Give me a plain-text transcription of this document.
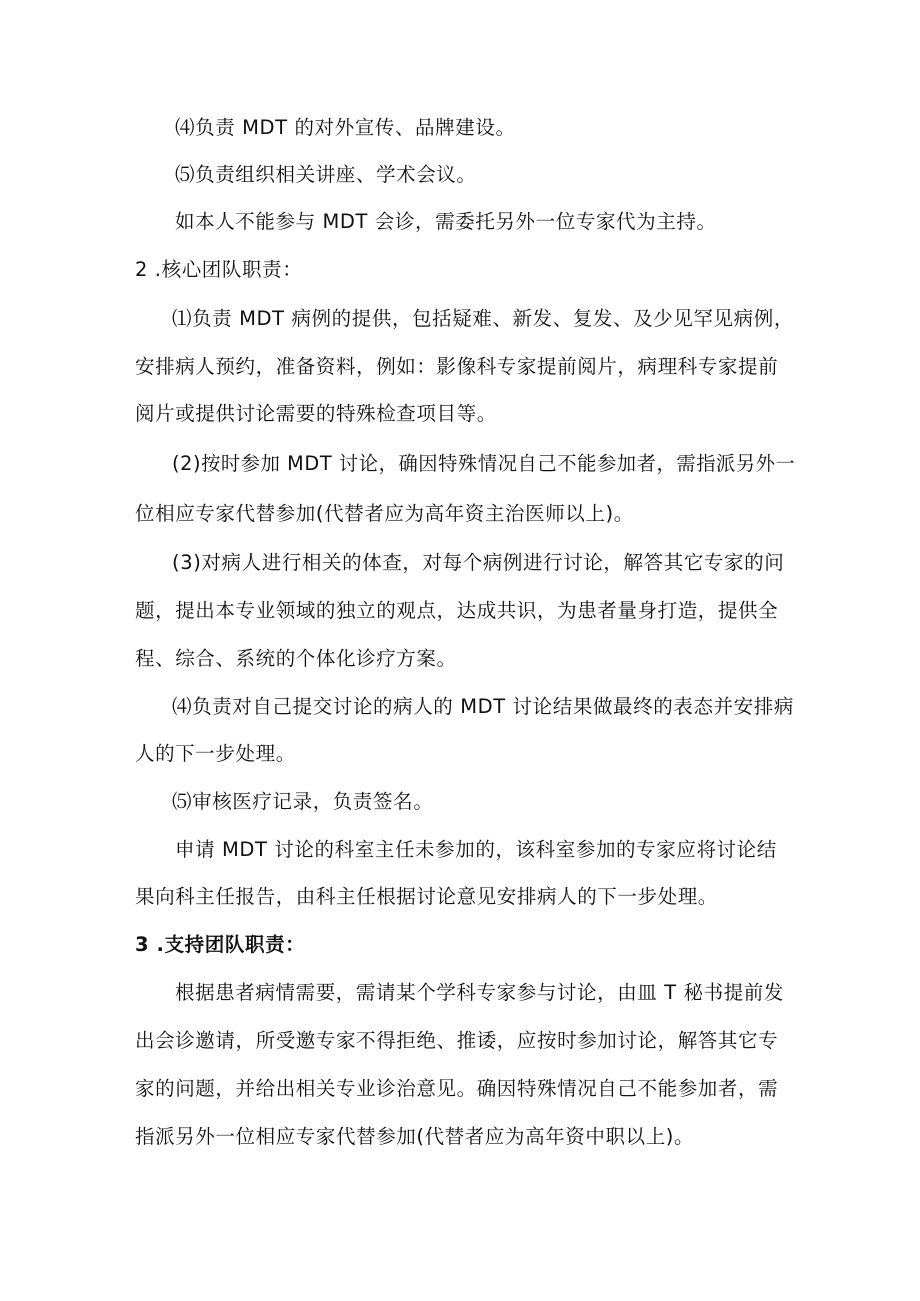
⑷负责 MDT 的对外宣传、品牌建设。
⑸负责组织相关讲座、学术会议。
如本人不能参与 MDT 会诊，需委托另外一位专家代为主持。
2 .核心团队职责：
⑴负责 MDT 病例的提供，包括疑难、新发、复发、及少见罕见病例，
安排病人预约，准备资料，例如：影像科专家提前阅片，病理科专家提前
阅片或提供讨论需要的特殊检查项目等。
(2)按时参加 MDT 讨论，确因特殊情况自己不能参加者，需指派另外一
位相应专家代替参加(代替者应为高年资主治医师以上)。
(3)对病人进行相关的体查，对每个病例进行讨论，解答其它专家的问
题，提出本专业领域的独立的观点，达成共识，为患者量身打造，提供全
程、综合、系统的个体化诊疗方案。
⑷负责对自己提交讨论的病人的 MDT 讨论结果做最终的表态并安排病
人的下一步处理。
⑸审核医疗记录，负责签名。
申请 MDT 讨论的科室主任未参加的，该科室参加的专家应将讨论结
果向科主任报告，由科主任根据讨论意见安排病人的下一步处理。
3 .支持团队职责：
根据患者病情需要，需请某个学科专家参与讨论，由皿 T 秘书提前发
出会诊邀请，所受邀专家不得拒绝、推诿，应按时参加讨论，解答其它专
家的问题，并给出相关专业诊治意见。确因特殊情况自己不能参加者，需
指派另外一位相应专家代替参加(代替者应为高年资中职以上)。
